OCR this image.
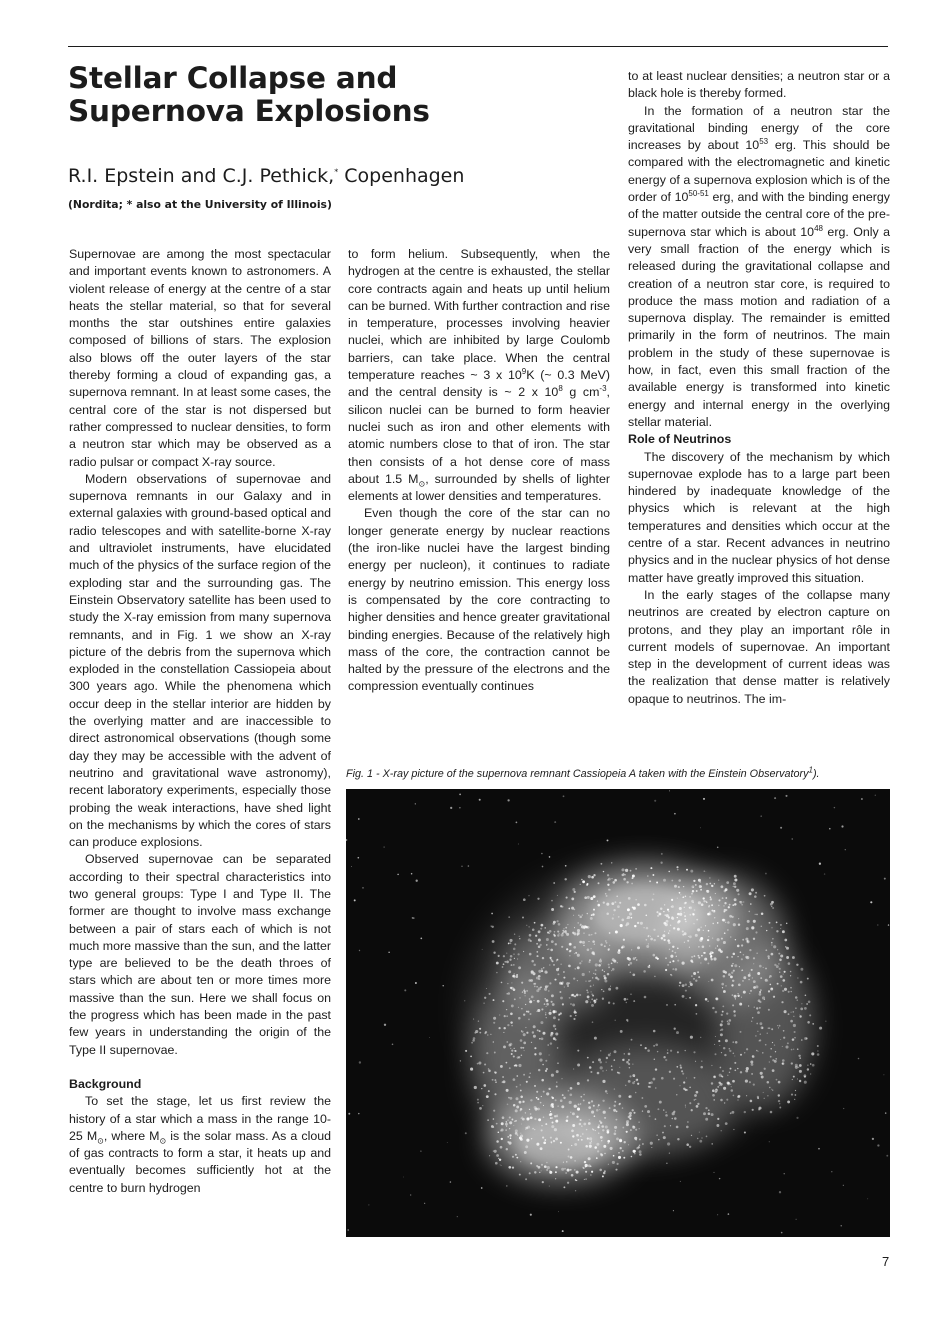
Stellar Collapse and
Supernova Explosions
R.I. Epstein and C.J. Pethick,* Copenhagen
(Nordita; * also at the University of Illinois)

Supernovae are among the most spectacular and important events known to astronomers. A violent release of energy at the centre of a star heats the stellar material, so that for several months the star outshines entire galaxies composed of billions of stars. The explosion also blows off the outer layers of the star thereby forming a cloud of expanding gas, a supernova remnant. In at least some cases, the central core of the star is not dispersed but rather compressed to nuclear densities, to form a neutron star which may be observed as a radio pulsar or compact X-ray source.

Modern observations of supernovae and supernova remnants in our Galaxy and in external galaxies with ground-based optical and radio telescopes and with satellite-borne X-ray and ultraviolet instruments, have elucidated much of the physics of the surface region of the exploding star and the surrounding gas. The Einstein Observatory satellite has been used to study the X-ray emission from many supernova remnants, and in Fig. 1 we show an X-ray picture of the debris from the supernova which exploded in the constellation Cassiopeia about 300 years ago. While the phenomena which occur deep in the stellar interior are hidden by the overlying matter and are inaccessible to direct astronomical observations (though some day they may be accessible with the advent of neutrino and gravitational wave astronomy), recent laboratory experiments, especially those probing the weak interactions, have shed light on the mechanisms by which the cores of stars can produce explosions.

Observed supernovae can be separated according to their spectral characteristics into two general groups: Type I and Type II. The former are thought to involve mass exchange between a pair of stars each of which is not much more massive than the sun, and the latter type are believed to be the death throes of stars which are about ten or more times more massive than the sun. Here we shall focus on the progress which has been made in the past few years in understanding the origin of the Type II supernovae.

Background

To set the stage, let us first review the history of a star which a mass in the range 10-25 $M_⊙$, where $M_⊙$ is the solar mass. As a cloud of gas contracts to form a star, it heats up and eventually becomes sufficiently hot at the centre to burn hydrogen

to form helium. Subsequently, when the hydrogen at the centre is exhausted, the stellar core contracts again and heats up until helium can be burned. With further contraction and rise in temperature, processes involving heavier nuclei, which are inhibited by large Coulomb barriers, can take place. When the central temperature reaches ~ 3 x $10^9K$ (~ 0.3 MeV) and the central density is ~ 2 x $10^8$ g $cm^{-3}$, silicon nuclei can be burned to form heavier nuclei such as iron and other elements with atomic numbers close to that of iron. The star then consists of a hot dense core of mass about 1.5 $M_⊙$, surrounded by shells of lighter elements at lower densities and temperatures.

Even though the core of the star can no longer generate energy by nuclear reactions (the iron-like nuclei have the largest binding energy per nucleon), it continues to radiate energy by neutrino emission. This energy loss is compensated by the core contracting to higher densities and hence greater gravitational binding energies. Because of the relatively high mass of the core, the contraction cannot be halted by the pressure of the electrons and the compression eventually continues

to at least nuclear densities; a neutron star or a black hole is thereby formed.

In the formation of a neutron star the gravitational binding energy of the core increases by about $10^{53}$ erg. This should be compared with the electromagnetic and kinetic energy of a supernova explosion which is of the order of 10$^{50-51}$ erg, and with the binding energy of the matter outside the central core of the pre-supernova star which is about $10^{48}$ erg. Only a very small fraction of the energy which is released during the gravitational collapse and creation of a neutron star core, is required to produce the mass motion and radiation of a supernova display. The remainder is emitted primarily in the form of neutrinos. The main problem in the study of these supernovae is how, in fact, even this small fraction of the available energy is transformed into kinetic energy and internal energy in the overlying stellar material.

Role of Neutrinos

The discovery of the mechanism by which supernovae explode has to a large part been hindered by inadequate knowledge of the physics which is relevant at the high temperatures and densities which occur at the centre of a star. Recent advances in neutrino physics and in the nuclear physics of hot dense matter have greatly improved this situation.

In the early stages of the collapse many neutrinos are created by electron capture on protons, and they play an important rôle in current models of supernovae. An important step in the development of current ideas was the realization that dense matter is relatively opaque to neutrinos. The im-

Fig. 1 - X-ray picture of the supernova remnant Cassiopeia A taken with the Einstein Observatory$^1$).
7
